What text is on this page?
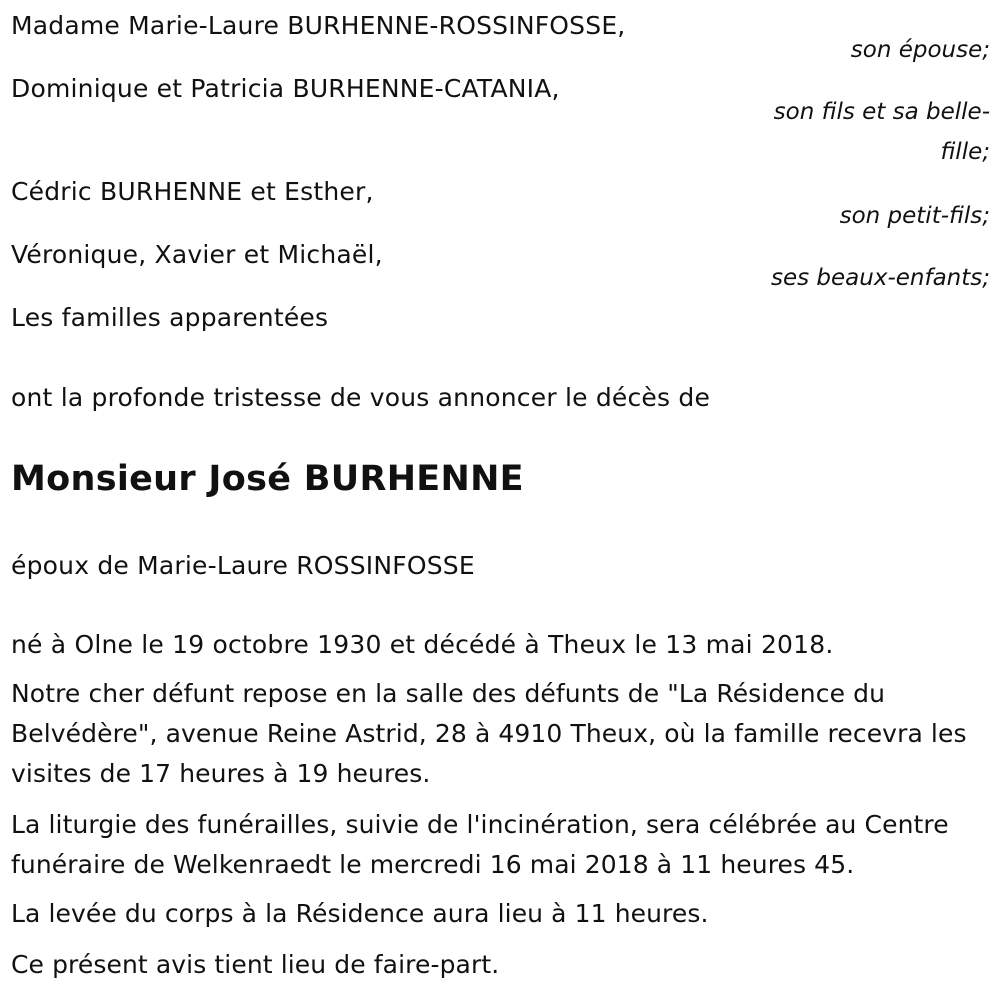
Madame Marie-Laure BURHENNE-ROSSINFOSSE,
son épouse;
Dominique et Patricia BURHENNE-CATANIA,
son fils et sa belle-fille;
Cédric BURHENNE et Esther,
son petit-fils;
Véronique, Xavier et Michaël,
ses beaux-enfants;
Les familles apparentées
ont la profonde tristesse de vous annoncer le décès de
Monsieur José BURHENNE
époux de Marie-Laure ROSSINFOSSE
né à Olne le 19 octobre 1930 et décédé à Theux le 13 mai 2018.
Notre cher défunt repose en la salle des défunts de "La Résidence du Belvédère", avenue Reine Astrid, 28 à 4910 Theux, où la famille recevra les visites de 17 heures à 19 heures.
La liturgie des funérailles, suivie de l'incinération, sera célébrée au Centre funéraire de Welkenraedt le mercredi 16 mai 2018 à 11 heures 45.
La levée du corps à la Résidence aura lieu à 11 heures.
Ce présent avis tient lieu de faire-part.
